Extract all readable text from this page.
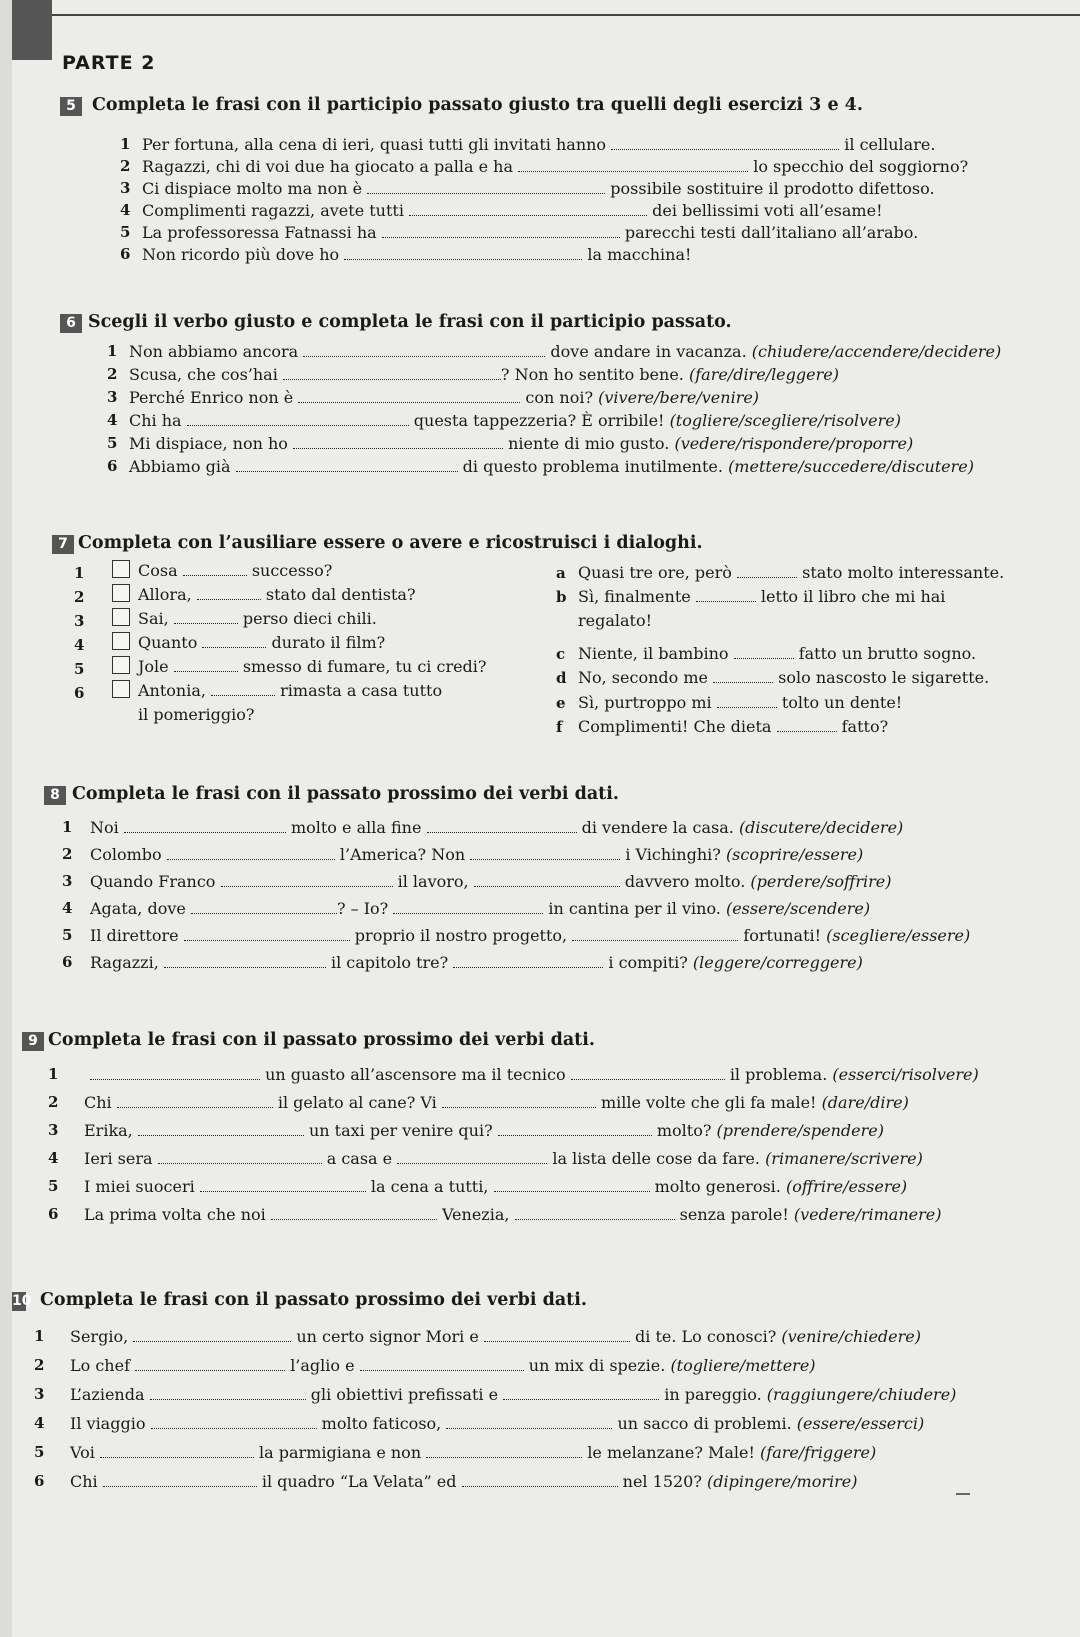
PARTE 2
5 Completa le frasi con il participio passato giusto tra quelli degli esercizi 3 e 4.
1 Per fortuna, alla cena di ieri, quasi tutti gli invitati hanno	il cellulare.
2 Ragazzi, chi di voi due ha giocato a palla e ha	lo specchio del soggiorno?
3 Ci dispiace molto ma non è	possibile sostituire il prodotto difettoso.
4 Complimenti ragazzi, avete tutti	dei bellissimi voti all’esame!
5 La professoressa Fatnassi ha	parecchi testi dall’italiano all’arabo.
6 Non ricordo più dove ho	la macchina!
6 Scegli il verbo giusto e completa le frasi con il participio passato.
1 Non abbiamo ancora	dove andare in vacanza. (chiudere/accendere/decidere)
2 Scusa, che cos’hai	? Non ho sentito bene. (fare/dire/leggere)
3 Perché Enrico non è	con noi? (vivere/bere/venire)
4 Chi ha	questa tappezzeria? È orribile! (togliere/scegliere/risolvere)
5 Mi dispiace, non ho	niente di mio gusto. (vedere/rispondere/proporre)
6 Abbiamo già	di questo problema inutilmente. (mettere/succedere/discutere)
7 Completa con l’ausiliare essere o avere e ricostruisci i dialoghi.
1	Cosa	successo?
2	Allora,	stato dal dentista?
3	Sai,	perso dieci chili.
4	Quanto	durato il film?
5	Jole	smesso di fumare, tu ci credi?
6	Antonia,	rimasta a casa tutto
il pomeriggio?
a Quasi tre ore, però	stato molto interessante.
b Sì, finalmente	letto il libro che mi hai
regalato!
c Niente, il bambino	fatto un brutto sogno.
d No, secondo me	solo nascosto le sigarette.
e Sì, purtroppo mi	tolto un dente!
f Complimenti! Che dieta	fatto?
8 Completa le frasi con il passato prossimo dei verbi dati.
1 Noi	molto e alla fine	di vendere la casa. (discutere/decidere)
2 Colombo	l’America? Non	i Vichinghi? (scoprire/essere)
3 Quando Franco	il lavoro,	davvero molto. (perdere/soffrire)
4 Agata, dove	? – Io?	in cantina per il vino. (essere/scendere)
5 Il direttore	proprio il nostro progetto,	fortunati! (scegliere/essere)
6 Ragazzi,	il capitolo tre?	i compiti? (leggere/correggere)
9 Completa le frasi con il passato prossimo dei verbi dati.
1	un guasto all’ascensore ma il tecnico	il problema. (esserci/risolvere)
2 Chi	il gelato al cane? Vi	mille volte che gli fa male! (dare/dire)
3 Erika,	un taxi per venire qui?	molto? (prendere/spendere)
4 Ieri sera	a casa e	la lista delle cose da fare. (rimanere/scrivere)
5 I miei suoceri	la cena a tutti,	molto generosi. (offrire/essere)
6 La prima volta che noi	Venezia,	senza parole! (vedere/rimanere)
10 Completa le frasi con il passato prossimo dei verbi dati.
1 Sergio,	un certo signor Mori e	di te. Lo conosci? (venire/chiedere)
2 Lo chef	l’aglio e	un mix di spezie. (togliere/mettere)
3 L’azienda	gli obiettivi prefissati e	in pareggio. (raggiungere/chiudere)
4 Il viaggio	molto faticoso,	un sacco di problemi. (essere/esserci)
5 Voi	la parmigiana e non	le melanzane? Male! (fare/friggere)
6 Chi	il quadro “La Velata” ed	nel 1520? (dipingere/morire)
